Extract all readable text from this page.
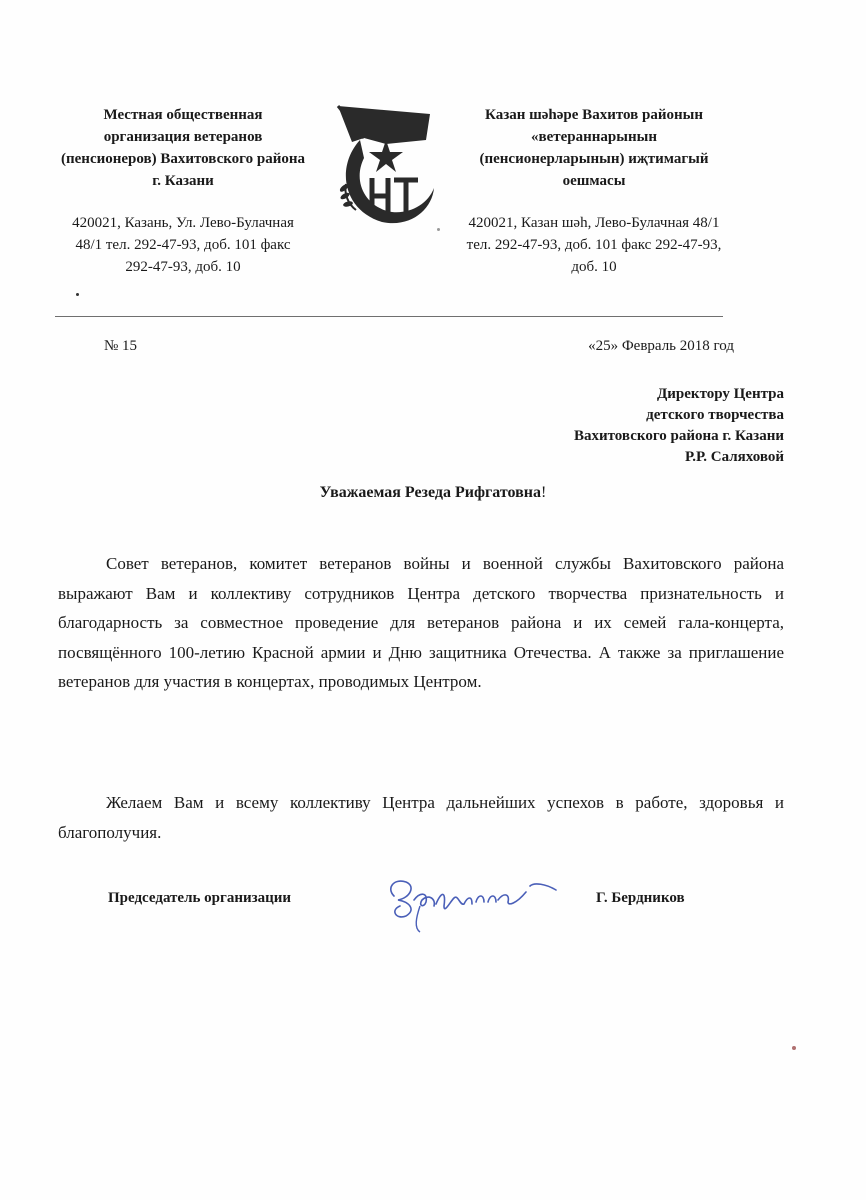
Местная общественная организация ветеранов (пенсионеров) Вахитовского района г. Казани
420021, Казань, Ул. Лево-Булачная 48/1 тел. 292-47-93, доб. 101 факс 292-47-93, доб. 10
Казан шәһәре Вахитов районын «ветераннарынын (пенсионерларынын) иҗтимагый оешмасы
420021, Казан шәһ, Лево-Булачная 48/1 тел. 292-47-93, доб. 101 факс 292-47-93, доб. 10
№ 15	«25» Февраль 2018 год
Директору Центра
детского творчества
Вахитовского района г. Казани
Р.Р. Саляховой
Уважаемая Резеда Рифгатовна!

Совет ветеранов, комитет ветеранов войны и военной службы Вахитовского района выражают Вам и коллективу сотрудников Центра детского творчества признательность и благодарность за совместное проведение для ветеранов района и их семей гала-концерта, посвящённого 100-летию Красной армии и Дню защитника Отечества. А также за приглашение ветеранов для участия в концертах, проводимых Центром.

Желаем Вам и всему коллективу Центра дальнейших успехов в работе, здоровья и благополучия.

Председатель организации	Г. Бердников
